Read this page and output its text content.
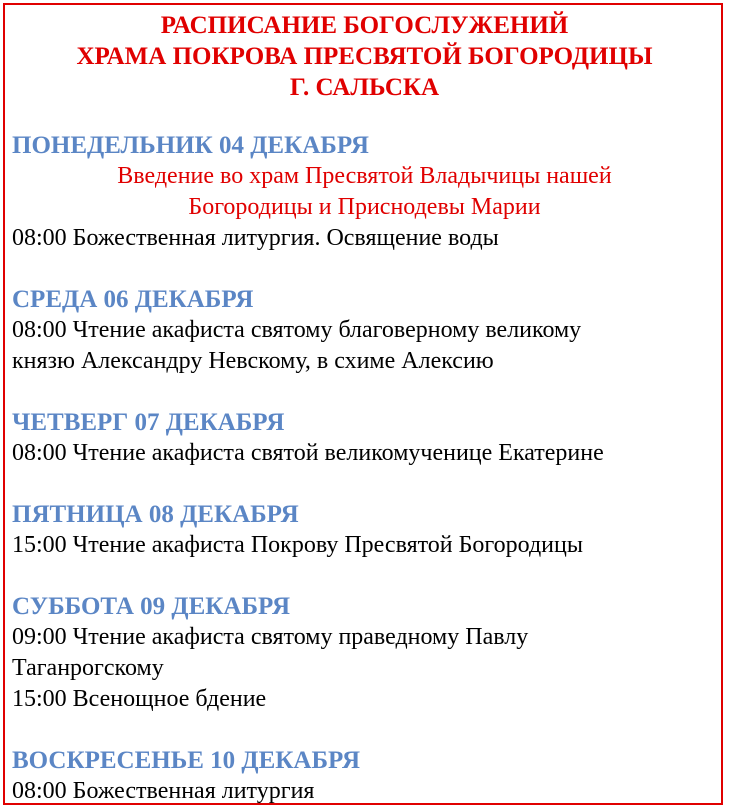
РАСПИСАНИЕ БОГОСЛУЖЕНИЙ

ХРАМА ПОКРОВА ПРЕСВЯТОЙ БОГОРОДИЦЫ

Г. САЛЬСКА

ПОНЕДЕЛЬНИК 04 ДЕКАБРЯ

Введение во храм Пресвятой Владычицы нашей

Богородицы и Приснодевы Марии

08:00 Божественная литургия. Освящение воды

СРЕДА 06 ДЕКАБРЯ

08:00 Чтение акафиста святому благоверному великому

князю Александру Невскому, в схиме Алексию

ЧЕТВЕРГ 07 ДЕКАБРЯ

08:00 Чтение акафиста святой великомученице Екатерине

ПЯТНИЦА 08 ДЕКАБРЯ

15:00 Чтение акафиста Покрову Пресвятой Богородицы

СУББОТА 09 ДЕКАБРЯ

09:00 Чтение акафиста святому праведному Павлу

Таганрогскому

15:00 Всенощное бдение

ВОСКРЕСЕНЬЕ 10 ДЕКАБРЯ

08:00 Божественная литургия
